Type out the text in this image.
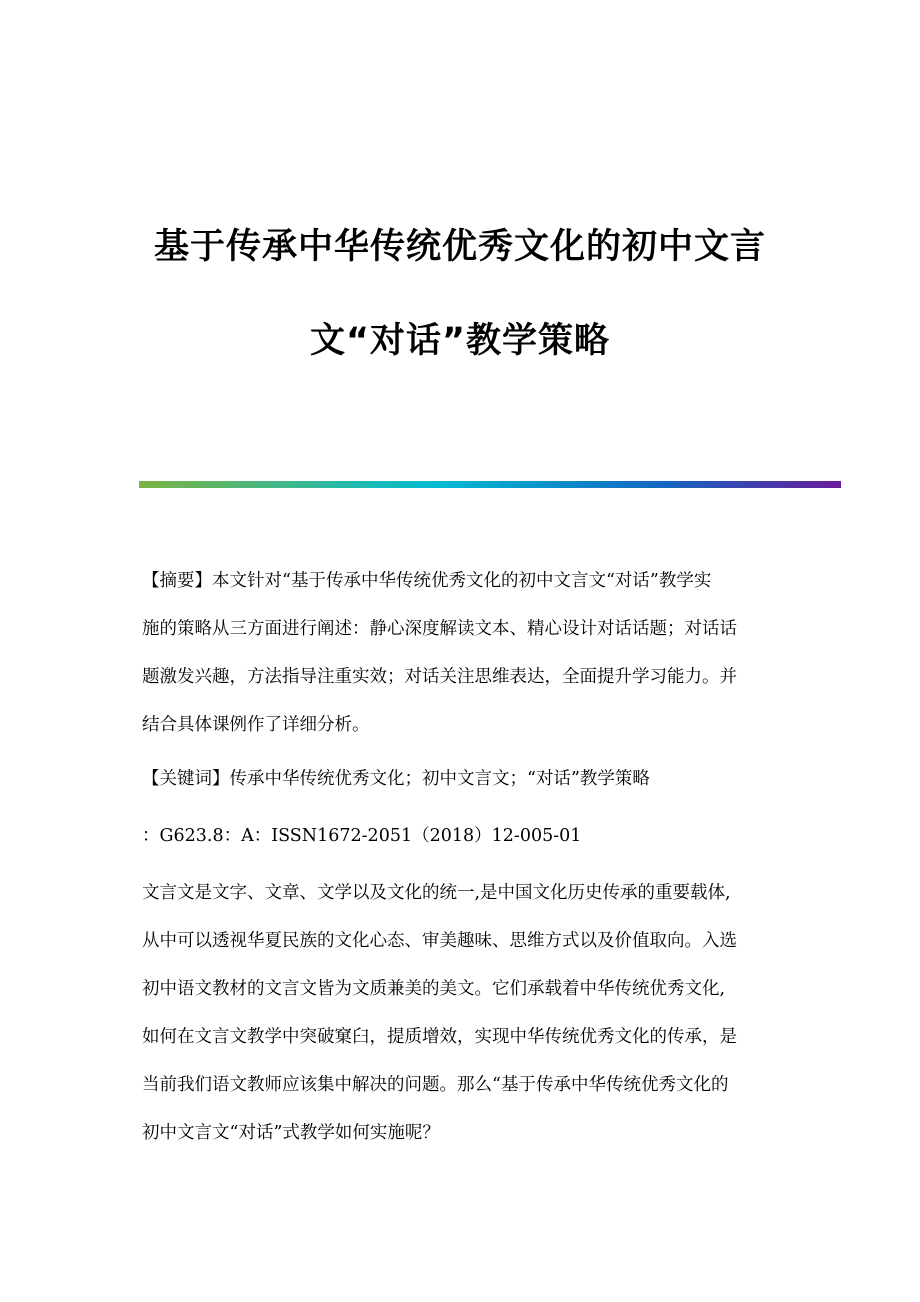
基于传承中华传统优秀文化的初中文言
文“对话”教学策略
【摘要】本文针对“基于传承中华传统优秀文化的初中文言文“对话”教学实
施的策略从三方面进行阐述：静心深度解读文本、精心设计对话话题；对话话
题激发兴趣，方法指导注重实效；对话关注思维表达，全面提升学习能力。并
结合具体课例作了详细分析。
【关键词】传承中华传统优秀文化；初中文言文；“对话”教学策略
：G623.8：A：ISSN1672-2051（2018）12-005-01
文言文是文字、文章、文学以及文化的统一,是中国文化历史传承的重要载体,
从中可以透视华夏民族的文化心态、审美趣味、思维方式以及价值取向。入选
初中语文教材的文言文皆为文质兼美的美文。它们承载着中华传统优秀文化,
如何在文言文教学中突破窠臼，提质增效，实现中华传统优秀文化的传承，是
当前我们语文教师应该集中解决的问题。那么“基于传承中华传统优秀文化的
初中文言文“对话”式教学如何实施呢？
